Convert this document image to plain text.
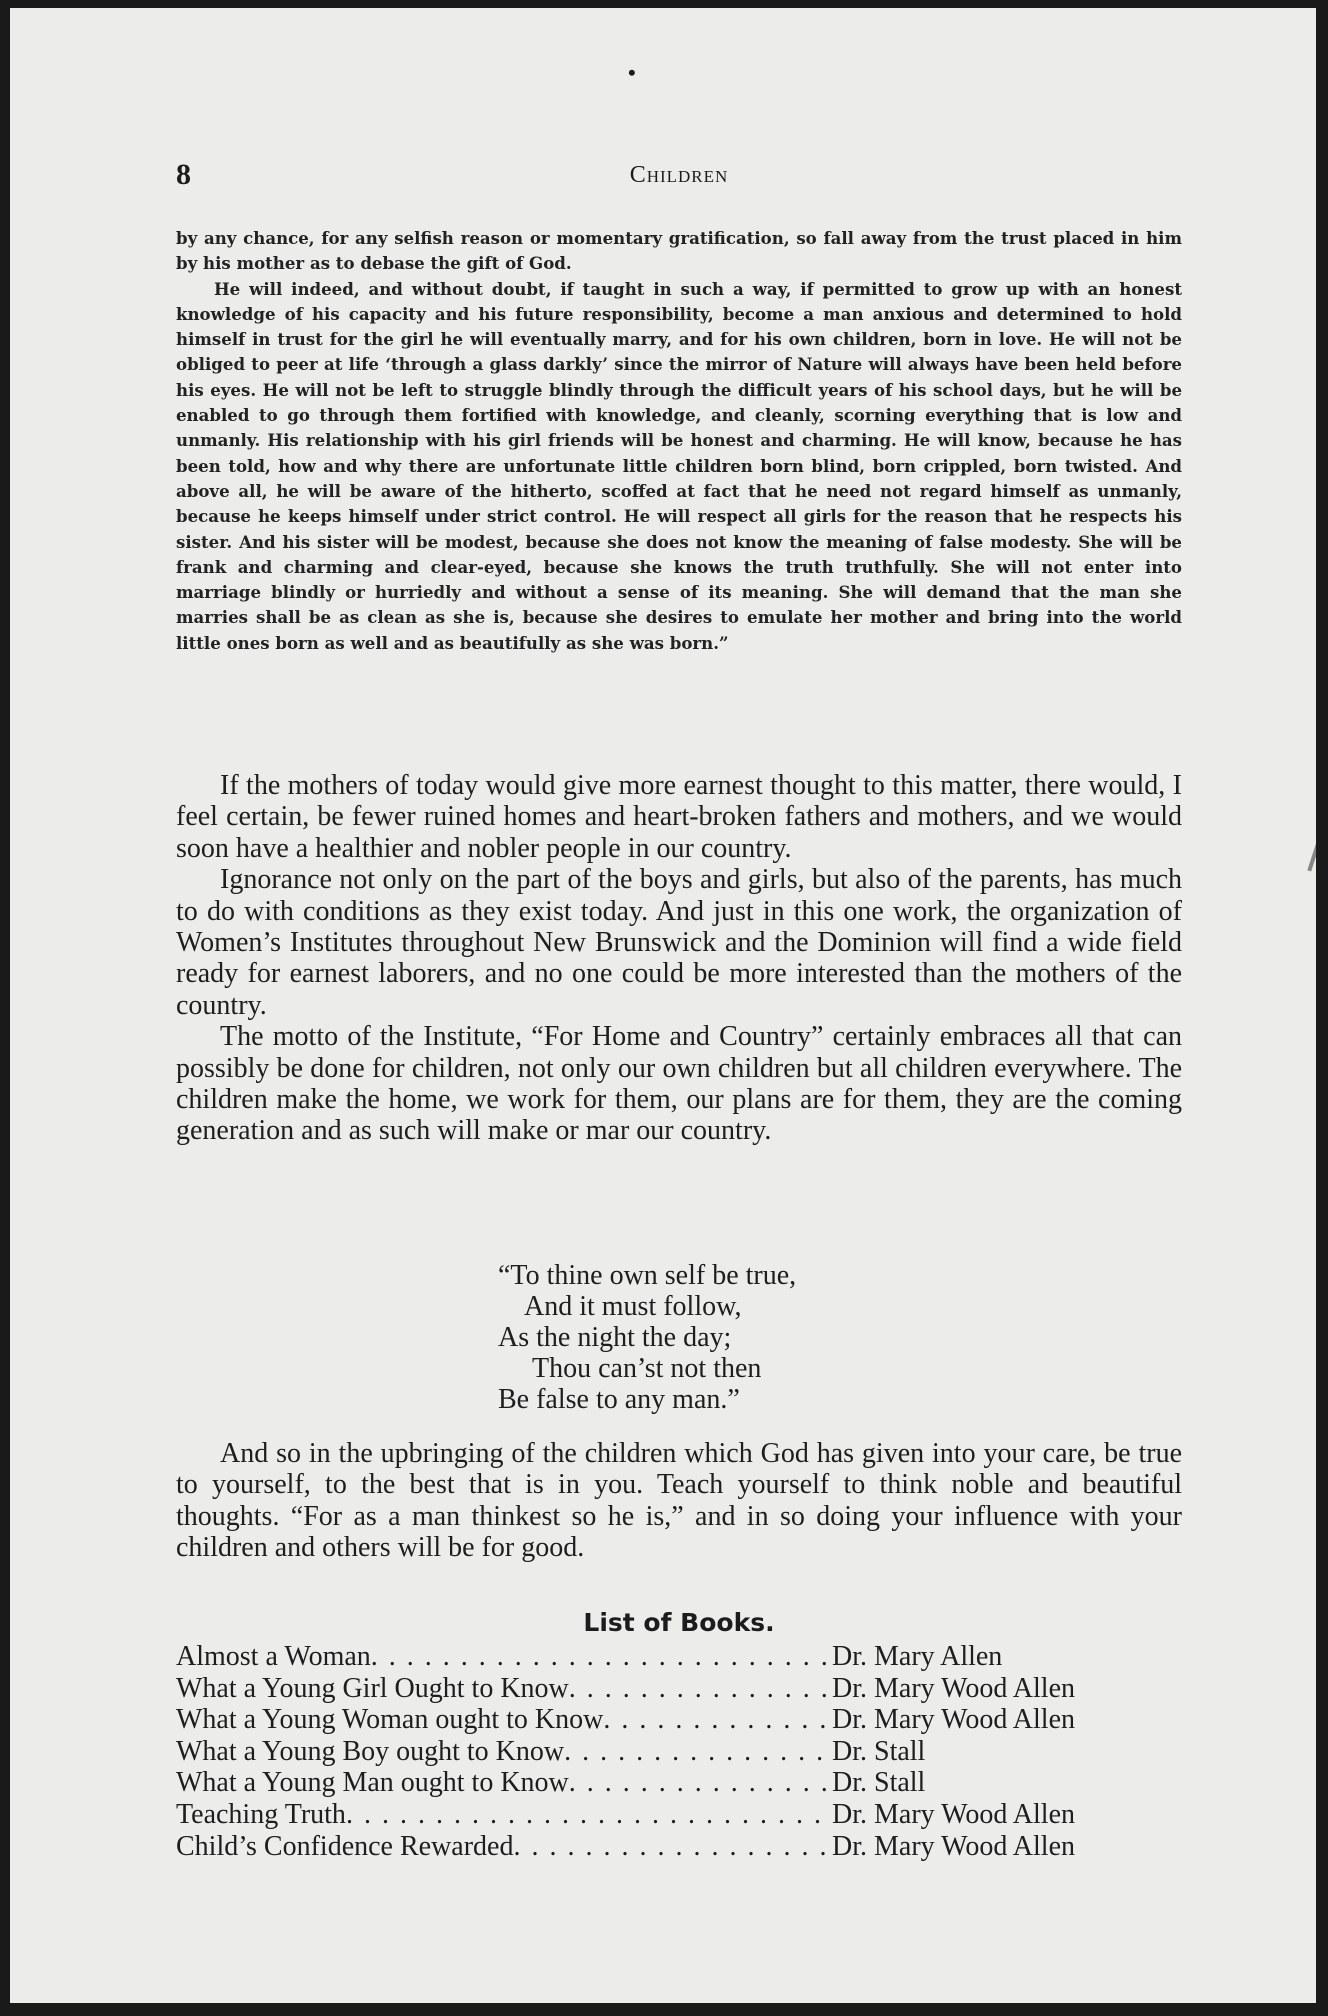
•
8	Children

by any chance, for any selfish reason or momentary gratification, so fall away from the trust placed in him by his mother as to debase the gift of God.

He will indeed, and without doubt, if taught in such a way, if permitted to grow up with an honest knowledge of his capacity and his future responsibility, become a man anxious and determined to hold himself in trust for the girl he will eventually marry, and for his own children, born in love. He will not be obliged to peer at life ‘through a glass darkly’ since the mirror of Nature will always have been held before his eyes. He will not be left to struggle blindly through the difficult years of his school days, but he will be enabled to go through them fortified with knowledge, and cleanly, scorning everything that is low and unmanly. His relationship with his girl friends will be honest and charming. He will know, because he has been told, how and why there are unfortunate little children born blind, born crippled, born twisted. And above all, he will be aware of the hitherto, scoffed at fact that he need not regard himself as unmanly, because he keeps himself under strict control. He will respect all girls for the reason that he respects his sister. And his sister will be modest, because she does not know the meaning of false modesty. She will be frank and charming and clear-eyed, because she knows the truth truthfully. She will not enter into marriage blindly or hurriedly and without a sense of its meaning. She will demand that the man she marries shall be as clean as she is, because she desires to emulate her mother and bring into the world little ones born as well and as beautifully as she was born.”

If the mothers of today would give more earnest thought to this matter, there would, I feel certain, be fewer ruined homes and heart-broken fathers and mothers, and we would soon have a healthier and nobler people in our country.

Ignorance not only on the part of the boys and girls, but also of the parents, has much to do with conditions as they exist today. And just in this one work, the organization of Women’s Institutes throughout New Brunswick and the Dominion will find a wide field ready for earnest laborers, and no one could be more interested than the mothers of the country.

The motto of the Institute, “For Home and Country” certainly embraces all that can possibly be done for children, not only our own children but all children everywhere. The children make the home, we work for them, our plans are for them, they are the coming generation and as such will make or mar our country.

“To thine own self be true,
And it must follow,
As the night the day;
Thou can’st not then
Be false to any man.”

And so in the upbringing of the children which God has given into your care, be true to yourself, to the best that is in you. Teach yourself to think noble and beautiful thoughts. “For as a man thinkest so he is,” and in so doing your influence with your children and others will be for good.

List of Books.
Almost a Woman . . .	Dr. Mary Allen
What a Young Girl Ought to Know . . .	Dr. Mary Wood Allen
What a Young Woman ought to Know . . .	Dr. Mary Wood Allen
What a Young Boy ought to Know . . .	Dr. Stall
What a Young Man ought to Know . . .	Dr. Stall
Teaching Truth . . .	Dr. Mary Wood Allen
Child’s Confidence Rewarded . . .	Dr. Mary Wood Allen
